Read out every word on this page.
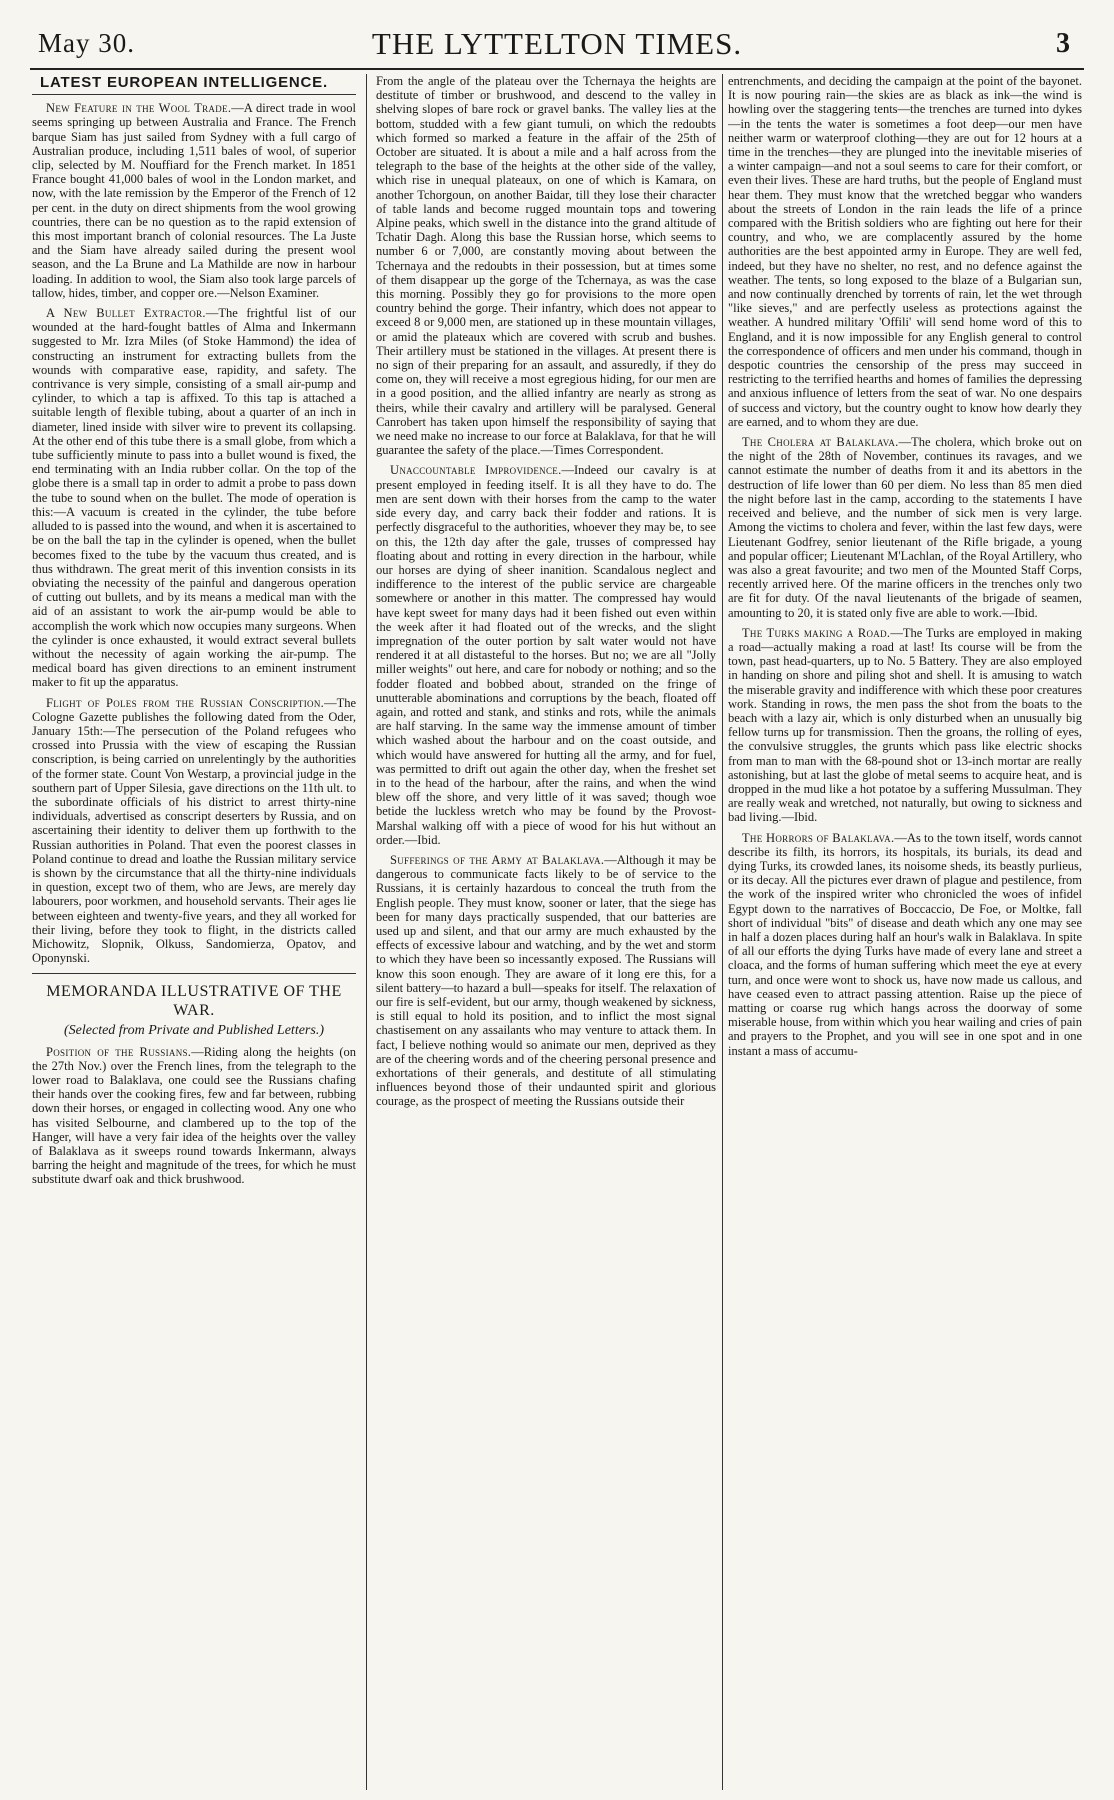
May 30.	THE LYTTELTON TIMES.	3
LATEST EUROPEAN INTELLIGENCE.

New Feature in the Wool Trade.—A direct trade in wool seems springing up between Australia and France. The French barque Siam has just sailed from Sydney with a full cargo of Australian produce, including 1,511 bales of wool, of superior clip, selected by M. Nouffiard for the French market. In 1851 France bought 41,000 bales of wool in the London market, and now, with the late remission by the Emperor of the French of 12 per cent. in the duty on direct shipments from the wool growing countries, there can be no question as to the rapid extension of this most important branch of colonial resources. The La Juste and the Siam have already sailed during the present wool season, and the La Brune and La Mathilde are now in harbour loading. In addition to wool, the Siam also took large parcels of tallow, hides, timber, and copper ore.—Nelson Examiner.

A New Bullet Extractor.—The frightful list of our wounded at the hard-fought battles of Alma and Inkermann suggested to Mr. Izra Miles (of Stoke Hammond) the idea of constructing an instrument for extracting bullets from the wounds with comparative ease, rapidity, and safety. The contrivance is very simple, consisting of a small air-pump and cylinder, to which a tap is affixed. To this tap is attached a suitable length of flexible tubing, about a quarter of an inch in diameter, lined inside with silver wire to prevent its collapsing. At the other end of this tube there is a small globe, from which a tube sufficiently minute to pass into a bullet wound is fixed, the end terminating with an India rubber collar. On the top of the globe there is a small tap in order to admit a probe to pass down the tube to sound when on the bullet. The mode of operation is this:—A vacuum is created in the cylinder, the tube before alluded to is passed into the wound, and when it is ascertained to be on the ball the tap in the cylinder is opened, when the bullet becomes fixed to the tube by the vacuum thus created, and is thus withdrawn. The great merit of this invention consists in its obviating the necessity of the painful and dangerous operation of cutting out bullets, and by its means a medical man with the aid of an assistant to work the air-pump would be able to accomplish the work which now occupies many surgeons. When the cylinder is once exhausted, it would extract several bullets without the necessity of again working the air-pump. The medical board has given directions to an eminent instrument maker to fit up the apparatus.

Flight of Poles from the Russian Conscription.—The Cologne Gazette publishes the following dated from the Oder, January 15th:—The persecution of the Poland refugees who crossed into Prussia with the view of escaping the Russian conscription, is being carried on unrelentingly by the authorities of the former state. Count Von Westarp, a provincial judge in the southern part of Upper Silesia, gave directions on the 11th ult. to the subordinate officials of his district to arrest thirty-nine individuals, advertised as conscript deserters by Russia, and on ascertaining their identity to deliver them up forthwith to the Russian authorities in Poland. That even the poorest classes in Poland continue to dread and loathe the Russian military service is shown by the circumstance that all the thirty-nine individuals in question, except two of them, who are Jews, are merely day labourers, poor workmen, and household servants. Their ages lie between eighteen and twenty-five years, and they all worked for their living, before they took to flight, in the districts called Michowitz, Slopnik, Olkuss, Sandomierza, Opatov, and Oponynski.

MEMORANDA ILLUSTRATIVE OF THE WAR.
(Selected from Private and Published Letters.)

Position of the Russians.—Riding along the heights (on the 27th Nov.) over the French lines, from the telegraph to the lower road to Balaklava, one could see the Russians chafing their hands over the cooking fires, few and far between, rubbing down their horses, or engaged in collecting wood. Any one who has visited Selbourne, and clambered up to the top of the Hanger, will have a very fair idea of the heights over the valley of Balaklava as it sweeps round towards Inkermann, always barring the height and magnitude of the trees, for which he must substitute dwarf oak and thick brushwood.

From the angle of the plateau over the Tchernaya the heights are destitute of timber or brushwood, and descend to the valley in shelving slopes of bare rock or gravel banks. The valley lies at the bottom, studded with a few giant tumuli, on which the redoubts which formed so marked a feature in the affair of the 25th of October are situated. It is about a mile and a half across from the telegraph to the base of the heights at the other side of the valley, which rise in unequal plateaux, on one of which is Kamara, on another Tchorgoun, on another Baidar, till they lose their character of table lands and become rugged mountain tops and towering Alpine peaks, which swell in the distance into the grand altitude of Tchatir Dagh. Along this base the Russian horse, which seems to number 6 or 7,000, are constantly moving about between the Tchernaya and the redoubts in their possession, but at times some of them disappear up the gorge of the Tchernaya, as was the case this morning. Possibly they go for provisions to the more open country behind the gorge. Their infantry, which does not appear to exceed 8 or 9,000 men, are stationed up in these mountain villages, or amid the plateaux which are covered with scrub and bushes. Their artillery must be stationed in the villages. At present there is no sign of their preparing for an assault, and assuredly, if they do come on, they will receive a most egregious hiding, for our men are in a good position, and the allied infantry are nearly as strong as theirs, while their cavalry and artillery will be paralysed. General Canrobert has taken upon himself the responsibility of saying that we need make no increase to our force at Balaklava, for that he will guarantee the safety of the place.—Times Correspondent.

Unaccountable Improvidence.—Indeed our cavalry is at present employed in feeding itself. It is all they have to do. The men are sent down with their horses from the camp to the water side every day, and carry back their fodder and rations. It is perfectly disgraceful to the authorities, whoever they may be, to see on this, the 12th day after the gale, trusses of compressed hay floating about and rotting in every direction in the harbour, while our horses are dying of sheer inanition. Scandalous neglect and indifference to the interest of the public service are chargeable somewhere or another in this matter. The compressed hay would have kept sweet for many days had it been fished out even within the week after it had floated out of the wrecks, and the slight impregnation of the outer portion by salt water would not have rendered it at all distasteful to the horses. But no; we are all "Jolly miller weights" out here, and care for nobody or nothing; and so the fodder floated and bobbed about, stranded on the fringe of unutterable abominations and corruptions by the beach, floated off again, and rotted and stank, and stinks and rots, while the animals are half starving. In the same way the immense amount of timber which washed about the harbour and on the coast outside, and which would have answered for hutting all the army, and for fuel, was permitted to drift out again the other day, when the freshet set in to the head of the harbour, after the rains, and when the wind blew off the shore, and very little of it was saved; though woe betide the luckless wretch who may be found by the Provost-Marshal walking off with a piece of wood for his hut without an order.—Ibid.

Sufferings of the Army at Balaklava.—Although it may be dangerous to communicate facts likely to be of service to the Russians, it is certainly hazardous to conceal the truth from the English people. They must know, sooner or later, that the siege has been for many days practically suspended, that our batteries are used up and silent, and that our army are much exhausted by the effects of excessive labour and watching, and by the wet and storm to which they have been so incessantly exposed. The Russians will know this soon enough. They are aware of it long ere this, for a silent battery—to hazard a bull—speaks for itself. The relaxation of our fire is self-evident, but our army, though weakened by sickness, is still equal to hold its position, and to inflict the most signal chastisement on any assailants who may venture to attack them. In fact, I believe nothing would so animate our men, deprived as they are of the cheering words and of the cheering personal presence and exhortations of their generals, and destitute of all stimulating influences beyond those of their undaunted spirit and glorious courage, as the prospect of meeting the Russians outside their

entrenchments, and deciding the campaign at the point of the bayonet. It is now pouring rain—the skies are as black as ink—the wind is howling over the staggering tents—the trenches are turned into dykes—in the tents the water is sometimes a foot deep—our men have neither warm or waterproof clothing—they are out for 12 hours at a time in the trenches—they are plunged into the inevitable miseries of a winter campaign—and not a soul seems to care for their comfort, or even their lives. These are hard truths, but the people of England must hear them. They must know that the wretched beggar who wanders about the streets of London in the rain leads the life of a prince compared with the British soldiers who are fighting out here for their country, and who, we are complacently assured by the home authorities are the best appointed army in Europe. They are well fed, indeed, but they have no shelter, no rest, and no defence against the weather. The tents, so long exposed to the blaze of a Bulgarian sun, and now continually drenched by torrents of rain, let the wet through "like sieves," and are perfectly useless as protections against the weather. A hundred military 'Offili' will send home word of this to England, and it is now impossible for any English general to control the correspondence of officers and men under his command, though in despotic countries the censorship of the press may succeed in restricting to the terrified hearths and homes of families the depressing and anxious influence of letters from the seat of war. No one despairs of success and victory, but the country ought to know how dearly they are earned, and to whom they are due.

The Cholera at Balaklava.—The cholera, which broke out on the night of the 28th of November, continues its ravages, and we cannot estimate the number of deaths from it and its abettors in the destruction of life lower than 60 per diem. No less than 85 men died the night before last in the camp, according to the statements I have received and believe, and the number of sick men is very large. Among the victims to cholera and fever, within the last few days, were Lieutenant Godfrey, senior lieutenant of the Rifle brigade, a young and popular officer; Lieutenant M'Lachlan, of the Royal Artillery, who was also a great favourite; and two men of the Mounted Staff Corps, recently arrived here. Of the marine officers in the trenches only two are fit for duty. Of the naval lieutenants of the brigade of seamen, amounting to 20, it is stated only five are able to work.—Ibid.

The Turks making a Road.—The Turks are employed in making a road—actually making a road at last! Its course will be from the town, past head-quarters, up to No. 5 Battery. They are also employed in handing on shore and piling shot and shell. It is amusing to watch the miserable gravity and indifference with which these poor creatures work. Standing in rows, the men pass the shot from the boats to the beach with a lazy air, which is only disturbed when an unusually big fellow turns up for transmission. Then the groans, the rolling of eyes, the convulsive struggles, the grunts which pass like electric shocks from man to man with the 68-pound shot or 13-inch mortar are really astonishing, but at last the globe of metal seems to acquire heat, and is dropped in the mud like a hot potatoe by a suffering Mussulman. They are really weak and wretched, not naturally, but owing to sickness and bad living.—Ibid.

The Horrors of Balaklava.—As to the town itself, words cannot describe its filth, its horrors, its hospitals, its burials, its dead and dying Turks, its crowded lanes, its noisome sheds, its beastly purlieus, or its decay. All the pictures ever drawn of plague and pestilence, from the work of the inspired writer who chronicled the woes of infidel Egypt down to the narratives of Boccaccio, De Foe, or Moltke, fall short of individual "bits" of disease and death which any one may see in half a dozen places during half an hour's walk in Balaklava. In spite of all our efforts the dying Turks have made of every lane and street a cloaca, and the forms of human suffering which meet the eye at every turn, and once were wont to shock us, have now made us callous, and have ceased even to attract passing attention. Raise up the piece of matting or coarse rug which hangs across the doorway of some miserable house, from within which you hear wailing and cries of pain and prayers to the Prophet, and you will see in one spot and in one instant a mass of accumu-
